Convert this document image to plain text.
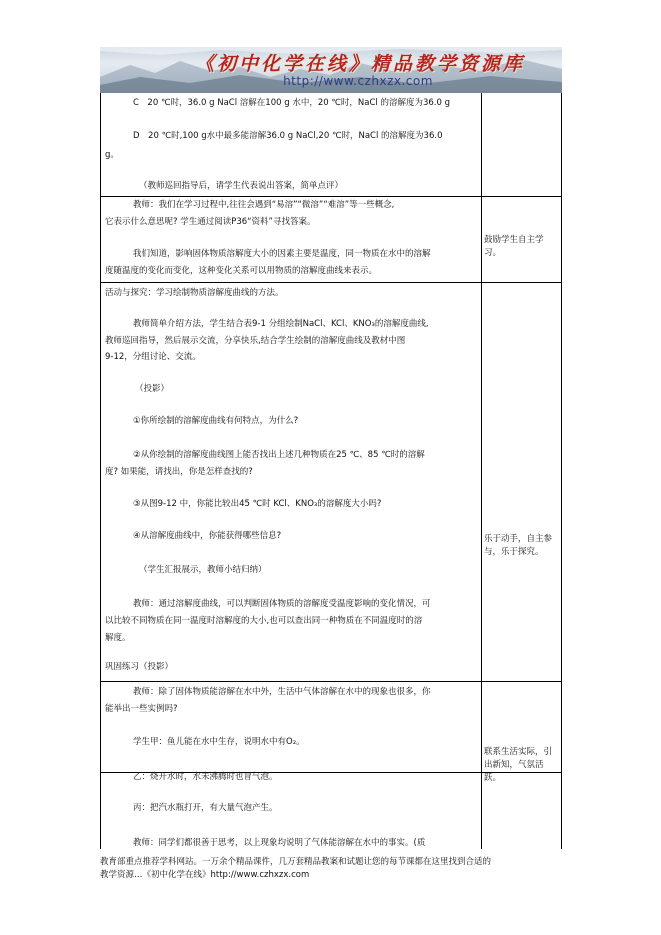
《初中化学在线》精品教学资源库
http://www.czhxzx.com
C　20 ℃时，36.0 g NaCl 溶解在100 g 水中，20 ℃时，NaCl 的溶解度为36.0 g
D　20 ℃时,100 g水中最多能溶解36.0 g NaCl,20 ℃时，NaCl 的溶解度为36.0
g。
（教师巡回指导后，请学生代表说出答案，简单点评）
教师：我们在学习过程中,往往会遇到“易溶”“微溶”“难溶”等一些概念,
它表示什么意思呢? 学生通过阅读P36“资料”寻找答案。
我们知道，影响固体物质溶解度大小的因素主要是温度，同一物质在水中的溶解
度随温度的变化而变化，这种变化关系可以用物质的溶解度曲线来表示。
鼓励学生自主学习。
活动与探究：学习绘制物质溶解度曲线的方法。
教师简单介绍方法，学生结合表9-1 分组绘制NaCl、KCl、KNO₃的溶解度曲线,
教师巡回指导，然后展示交流，分享快乐,结合学生绘制的溶解度曲线及教材中图
9-12，分组讨论、交流。
（投影）
①你所绘制的溶解度曲线有何特点，为什么?
②从你绘制的溶解度曲线图上能否找出上述几种物质在25 ℃、85 ℃时的溶解
度? 如果能，请找出，你是怎样查找的?
③从图9-12 中，你能比较出45 ℃时 KCl、KNO₃的溶解度大小吗?
④从溶解度曲线中，你能获得哪些信息?
（学生汇报展示，教师小结归纳）
教师：通过溶解度曲线，可以判断固体物质的溶解度受温度影响的变化情况，可
以比较不同物质在同一温度时溶解度的大小,也可以查出同一种物质在不同温度时的溶
解度。
巩固练习（投影）
乐于动手，自主参与，乐于探究。
教师：除了固体物质能溶解在水中外，生活中气体溶解在水中的现象也很多，你
能举出一些实例吗?
学生甲：鱼儿能在水中生存，说明水中有O₂。
乙：烧开水时，水未沸腾时也冒气泡。
丙：把汽水瓶打开，有大量气泡产生。
教师：同学们都很善于思考，以上现象均说明了气体能溶解在水中的事实。(质
联系生活实际，引出新知，气氛活跃。
教育部重点推荐学科网站。一万余个精品课件，几万套精品教案和试题让您的每节课都在这里找到合适的
教学资源…《初中化学在线》http://www.czhxzx.com
